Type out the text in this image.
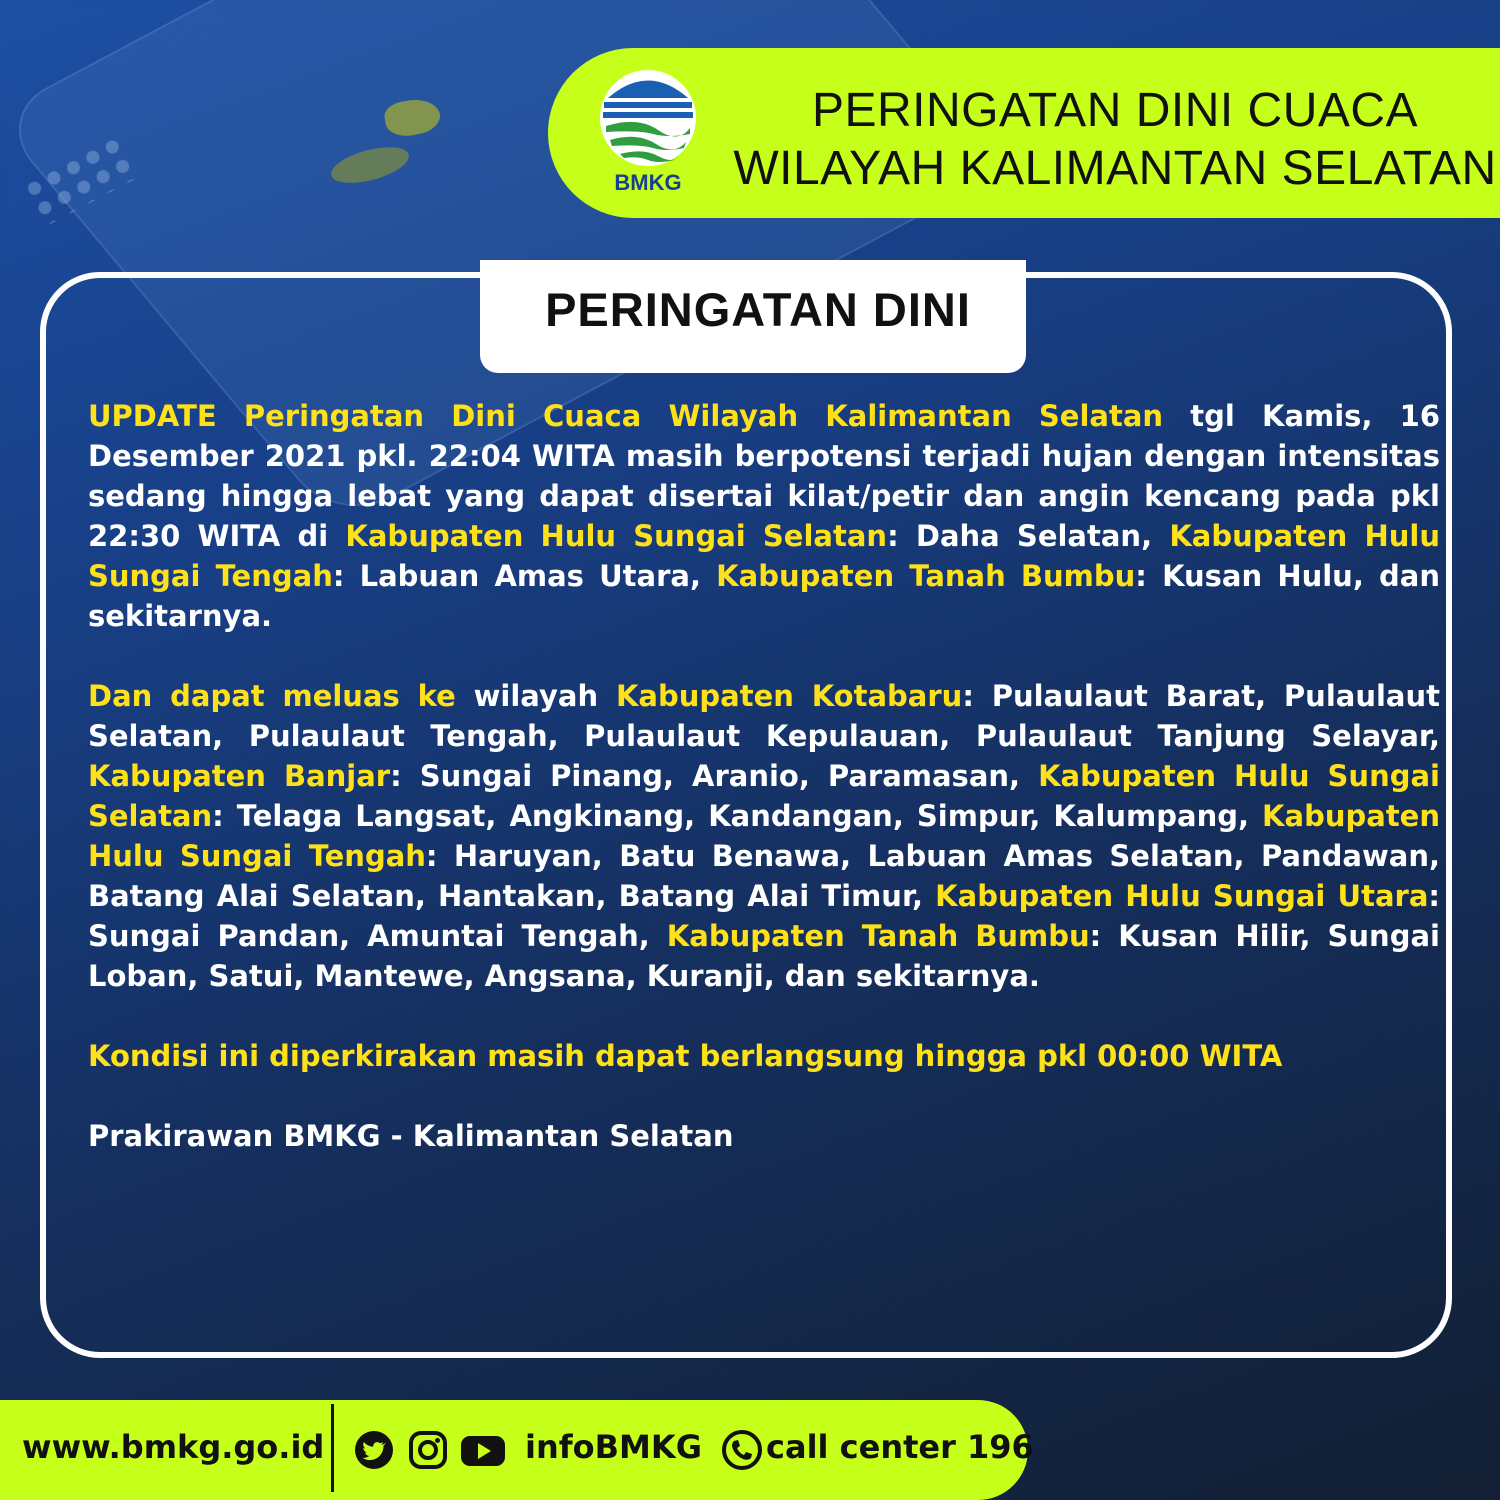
BMKG
PERINGATAN DINI CUACA
WILAYAH KALIMANTAN SELATAN
PERINGATAN DINI

UPDATE Peringatan Dini Cuaca Wilayah Kalimantan Selatan tgl Kamis, 16 Desember 2021 pkl. 22:04 WITA masih berpotensi terjadi hujan dengan intensitas sedang hingga lebat yang dapat disertai kilat/petir dan angin kencang pada pkl 22:30 WITA di Kabupaten Hulu Sungai Selatan: Daha Selatan, Kabupaten Hulu Sungai Tengah: Labuan Amas Utara, Kabupaten Tanah Bumbu: Kusan Hulu, dan sekitarnya.

Dan dapat meluas ke wilayah Kabupaten Kotabaru: Pulaulaut Barat, Pulaulaut Selatan, Pulaulaut Tengah, Pulaulaut Kepulauan, Pulaulaut Tanjung Selayar, Kabupaten Banjar: Sungai Pinang, Aranio, Paramasan, Kabupaten Hulu Sungai Selatan: Telaga Langsat, Angkinang, Kandangan, Simpur, Kalumpang, Kabupaten Hulu Sungai Tengah: Haruyan, Batu Benawa, Labuan Amas Selatan, Pandawan, Batang Alai Selatan, Hantakan, Batang Alai Timur, Kabupaten Hulu Sungai Utara: Sungai Pandan, Amuntai Tengah, Kabupaten Tanah Bumbu: Kusan Hilir, Sungai Loban, Satui, Mantewe, Angsana, Kuranji, dan sekitarnya.

Kondisi ini diperkirakan masih dapat berlangsung hingga pkl 00:00 WITA

Prakirawan BMKG - Kalimantan Selatan

www.bmkg.go.id	infoBMKG call center 196
